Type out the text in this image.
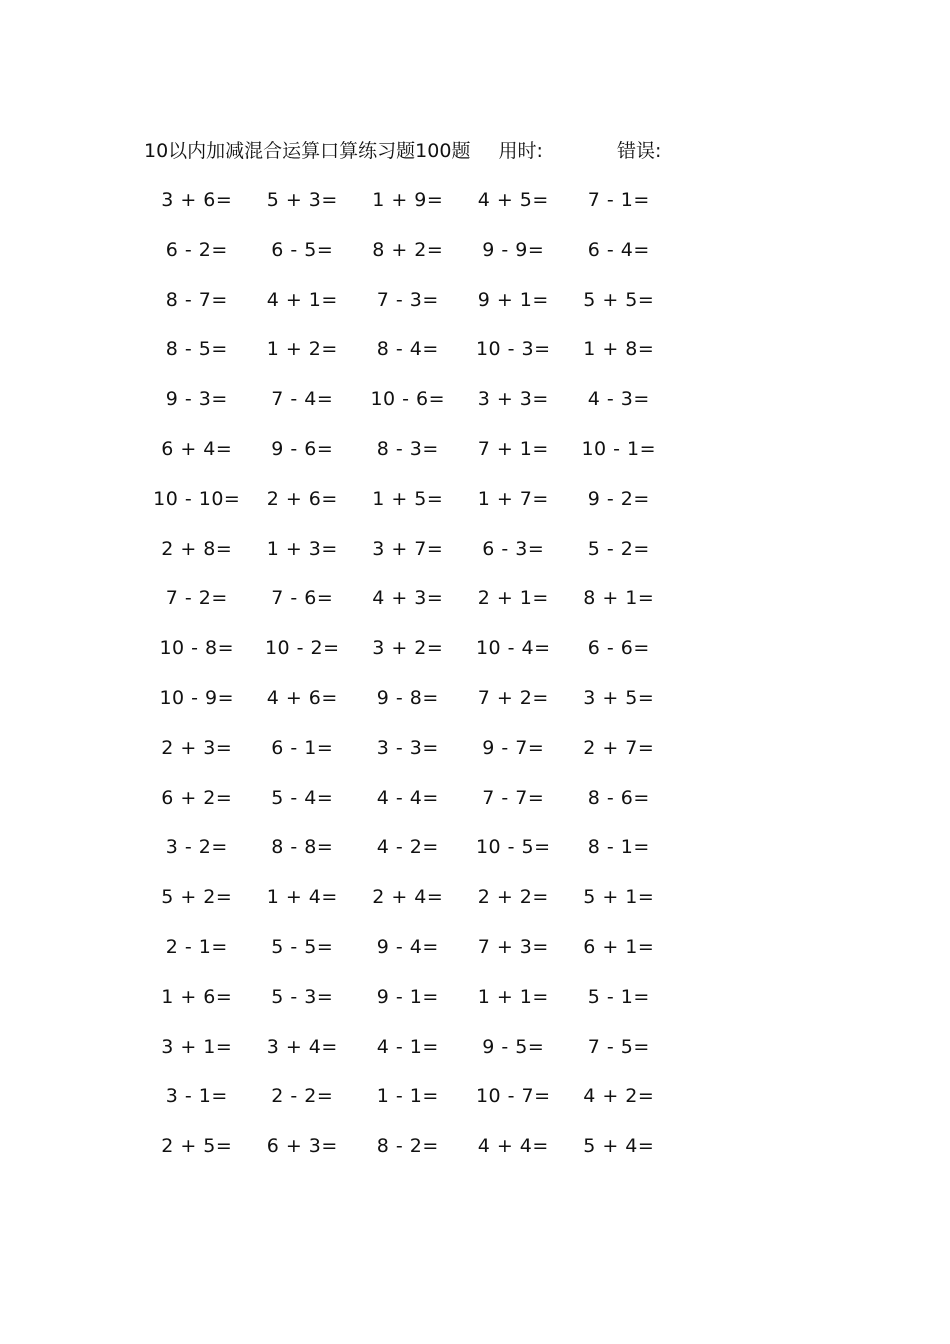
10以内加减混合运算口算练习题100题 用时:	错误:
3 + 6=	5 + 3=	1 + 9=	4 + 5=	7 - 1=
6 - 2=	6 - 5=	8 + 2=	9 - 9=	6 - 4=
8 - 7=	4 + 1=	7 - 3=	9 + 1=	5 + 5=
8 - 5=	1 + 2=	8 - 4=	10 - 3=	1 + 8=
9 - 3=	7 - 4=	10 - 6=	3 + 3=	4 - 3=
6 + 4=	9 - 6=	8 - 3=	7 + 1=	10 - 1=
10 - 10=	2 + 6=	1 + 5=	1 + 7=	9 - 2=
2 + 8=	1 + 3=	3 + 7=	6 - 3=	5 - 2=
7 - 2=	7 - 6=	4 + 3=	2 + 1=	8 + 1=
10 - 8=	10 - 2=	3 + 2=	10 - 4=	6 - 6=
10 - 9=	4 + 6=	9 - 8=	7 + 2=	3 + 5=
2 + 3=	6 - 1=	3 - 3=	9 - 7=	2 + 7=
6 + 2=	5 - 4=	4 - 4=	7 - 7=	8 - 6=
3 - 2=	8 - 8=	4 - 2=	10 - 5=	8 - 1=
5 + 2=	1 + 4=	2 + 4=	2 + 2=	5 + 1=
2 - 1=	5 - 5=	9 - 4=	7 + 3=	6 + 1=
1 + 6=	5 - 3=	9 - 1=	1 + 1=	5 - 1=
3 + 1=	3 + 4=	4 - 1=	9 - 5=	7 - 5=
3 - 1=	2 - 2=	1 - 1=	10 - 7=	4 + 2=
2 + 5=	6 + 3=	8 - 2=	4 + 4=	5 + 4=
